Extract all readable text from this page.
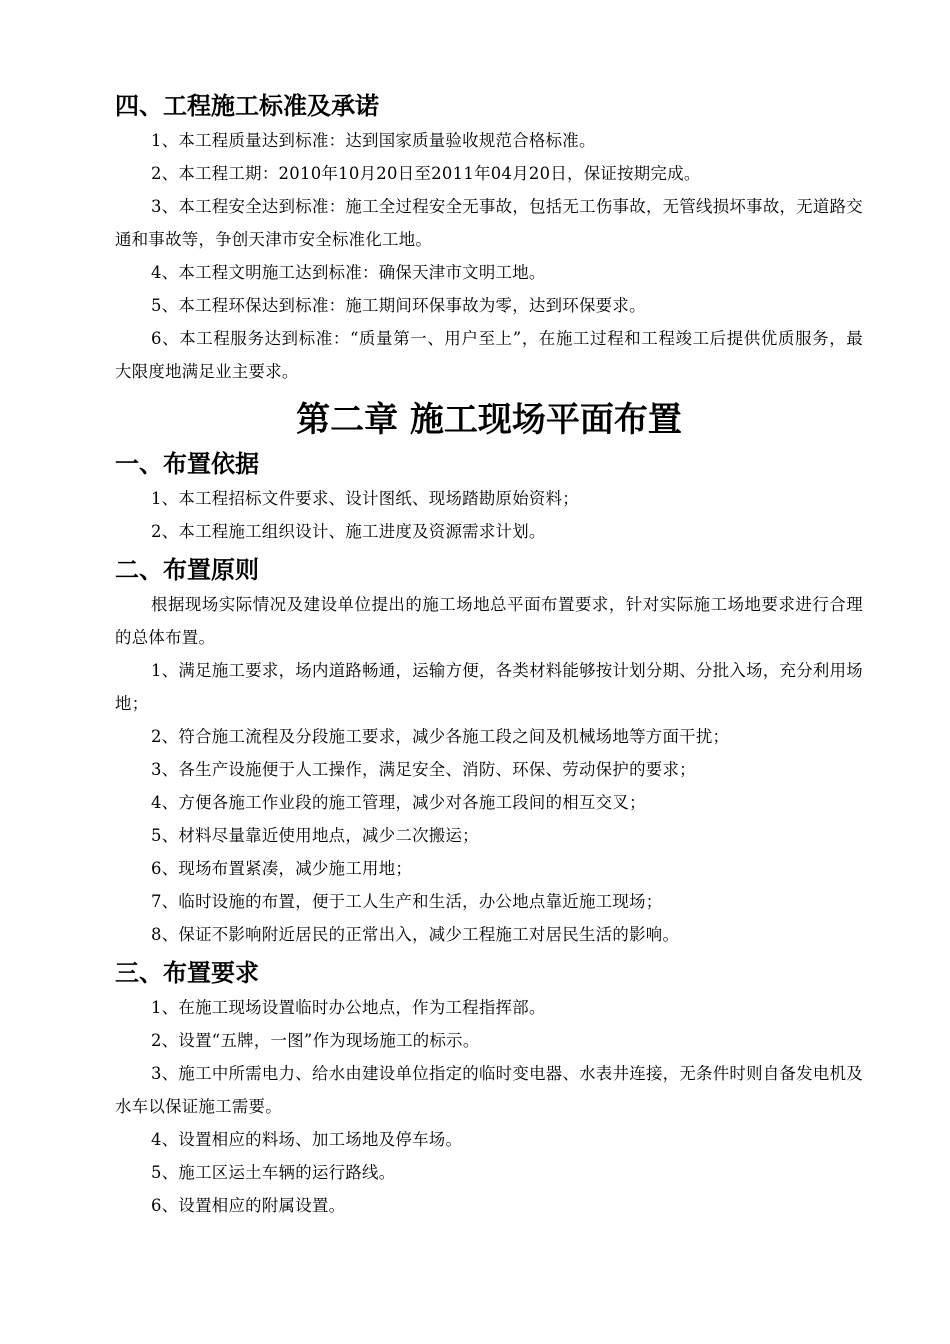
四、工程施工标准及承诺

1、本工程质量达到标准：达到国家质量验收规范合格标准。

2、本工程工期：2010年10月20日至2011年04月20日，保证按期完成。

3、本工程安全达到标准：施工全过程安全无事故，包括无工伤事故，无管线损坏事故，无道路交通和事故等，争创天津市安全标准化工地。

4、本工程文明施工达到标准：确保天津市文明工地。

5、本工程环保达到标准：施工期间环保事故为零，达到环保要求。

6、本工程服务达到标准：“质量第一、用户至上”，在施工过程和工程竣工后提供优质服务，最大限度地满足业主要求。

第二章 施工现场平面布置
一、布置依据

1、本工程招标文件要求、设计图纸、现场踏勘原始资料；

2、本工程施工组织设计、施工进度及资源需求计划。

二、布置原则

根据现场实际情况及建设单位提出的施工场地总平面布置要求，针对实际施工场地要求进行合理的总体布置。

1、满足施工要求，场内道路畅通，运输方便，各类材料能够按计划分期、分批入场，充分利用场地；

2、符合施工流程及分段施工要求，减少各施工段之间及机械场地等方面干扰；

3、各生产设施便于人工操作，满足安全、消防、环保、劳动保护的要求；

4、方便各施工作业段的施工管理，减少对各施工段间的相互交叉；

5、材料尽量靠近使用地点，减少二次搬运；

6、现场布置紧凑，减少施工用地；

7、临时设施的布置，便于工人生产和生活，办公地点靠近施工现场；

8、保证不影响附近居民的正常出入，减少工程施工对居民生活的影响。

三、布置要求

1、在施工现场设置临时办公地点，作为工程指挥部。

2、设置“五牌，一图”作为现场施工的标示。

3、施工中所需电力、给水由建设单位指定的临时变电器、水表井连接，无条件时则自备发电机及水车以保证施工需要。

4、设置相应的料场、加工场地及停车场。

5、施工区运土车辆的运行路线。

6、设置相应的附属设置。
